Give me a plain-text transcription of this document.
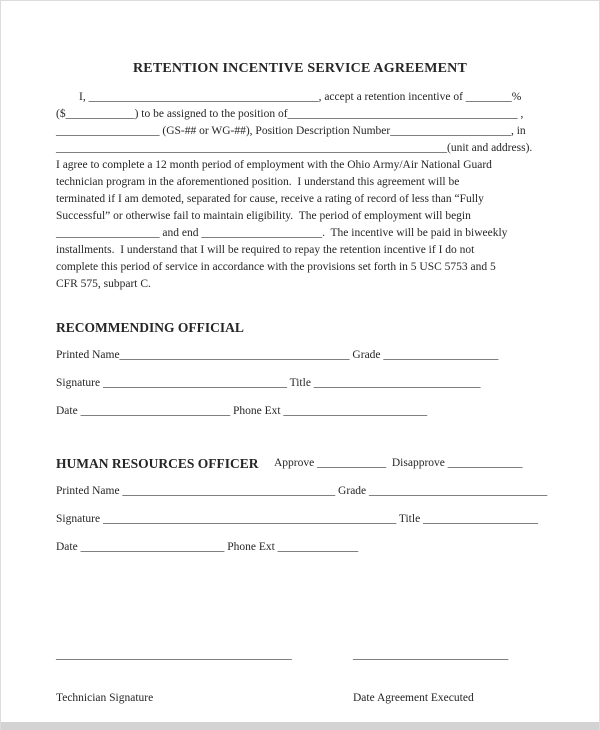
RETENTION INCENTIVE SERVICE AGREEMENT
I, ________________________________________, accept a retention incentive of ________%
($____________) to be assigned to the position of________________________________________ ,
__________________ (GS-## or WG-##), Position Description Number_____________________, in
____________________________________________________________________(unit and address).
I agree to complete a 12 month period of employment with the Ohio Army/Air National Guard
technician program in the aforementioned position.  I understand this agreement will be
terminated if I am demoted, separated for cause, receive a rating of record of less than “Fully
Successful” or otherwise fail to maintain eligibility.  The period of employment will begin
__________________ and end _____________________.  The incentive will be paid in biweekly
installments.  I understand that I will be required to repay the retention incentive if I do not
complete this period of service in accordance with the provisions set forth in 5 USC 5753 and 5
CFR 575, subpart C.
RECOMMENDING OFFICIAL
Printed Name________________________________________ Grade ____________________
Signature ________________________________ Title _____________________________
Date __________________________ Phone Ext _________________________
HUMAN RESOURCES OFFICER Approve ____________  Disapprove _____________
Printed Name _____________________________________ Grade _______________________________
Signature ___________________________________________________ Title ____________________
Date _________________________ Phone Ext ______________

_________________________________________

Technician Signature

___________________________

Date Agreement Executed
